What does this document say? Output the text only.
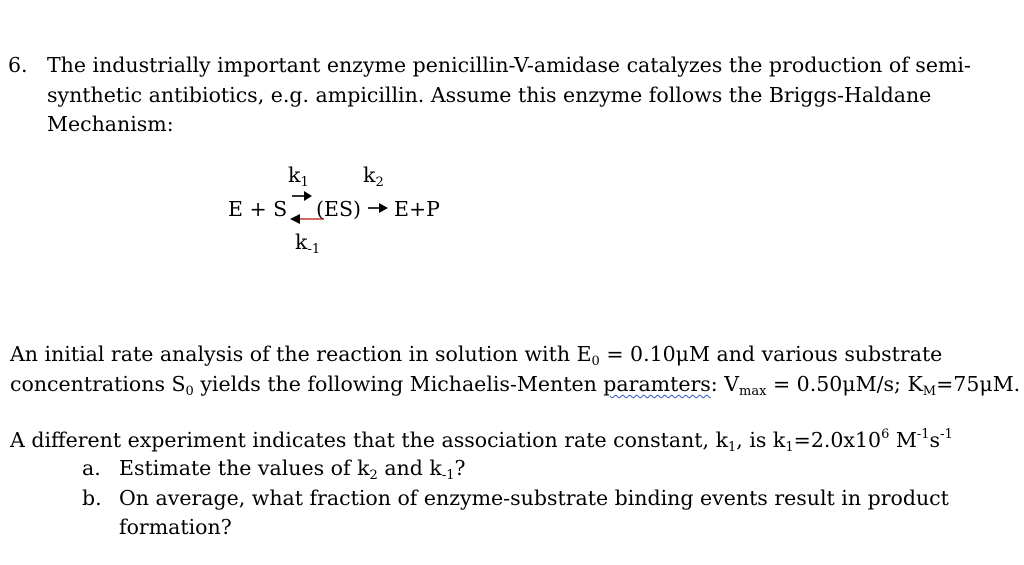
6. The industrially important enzyme penicillin-V-amidase catalyzes the production of semi-
synthetic antibiotics, e.g. ampicillin. Assume this enzyme follows the Briggs-Haldane
Mechanism:
k1	k2
E + S (ES) E+P
k-1
An initial rate analysis of the reaction in solution with E0 = 0.10μM and various substrate
concentrations S0 yields the following Michaelis-Menten paramters: Vmax = 0.50μM/s; KM=75μM.
A different experiment indicates that the association rate constant, k1, is $k1=2.0x10^6$ $M^{-1}s^{-1}$
a. Estimate the values of k2 and k-1?
b. On average, what fraction of enzyme-substrate binding events result in product
formation?
